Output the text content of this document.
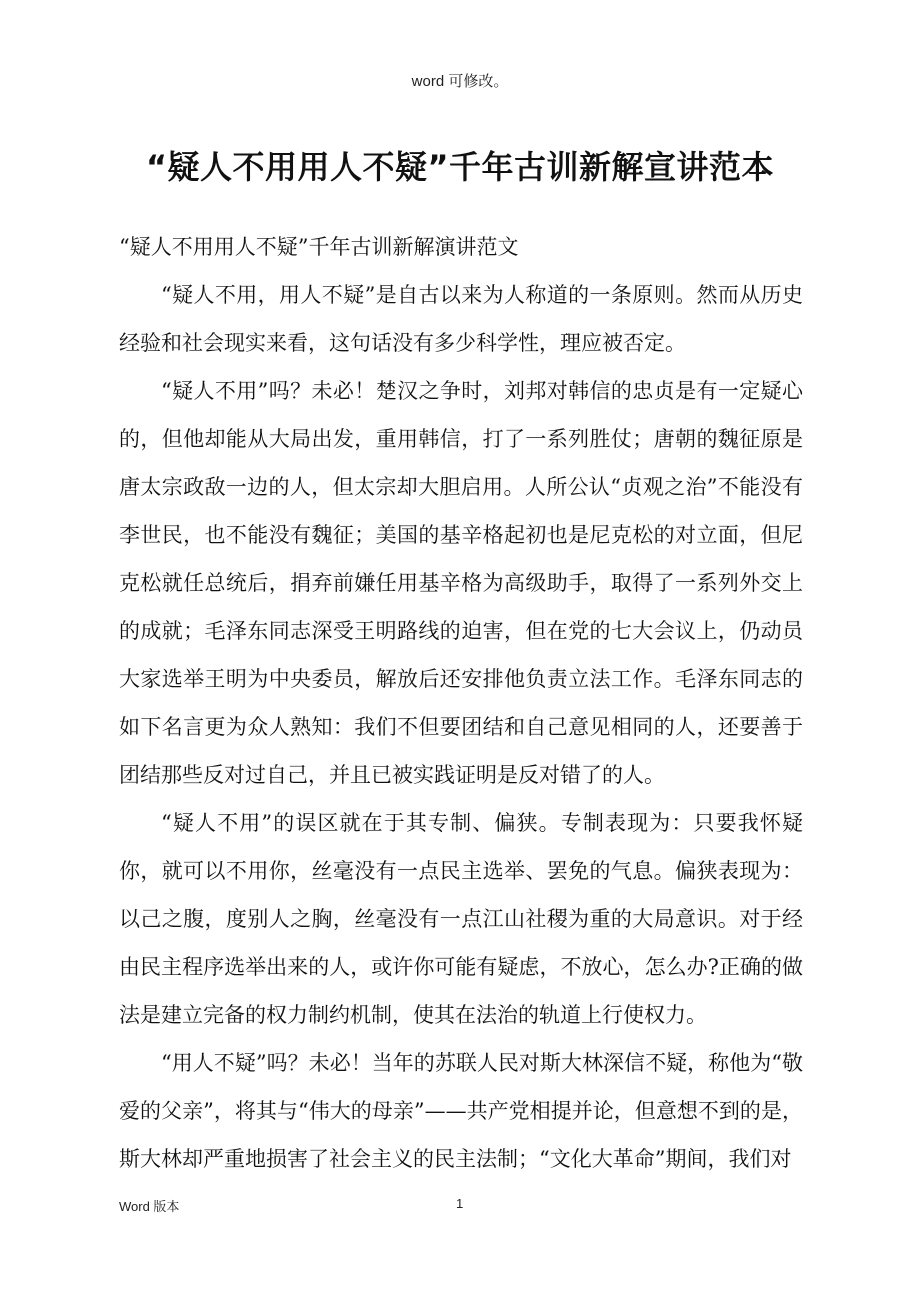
word 可修改。
“疑人不用用人不疑”千年古训新解宣讲范本

“疑人不用用人不疑”千年古训新解演讲范文

“疑人不用，用人不疑”是自古以来为人称道的一条原则。然而从历史经验和社会现实来看，这句话没有多少科学性，理应被否定。

“疑人不用”吗？未必！楚汉之争时，刘邦对韩信的忠贞是有一定疑心的，但他却能从大局出发，重用韩信，打了一系列胜仗；唐朝的魏征原是唐太宗政敌一边的人，但太宗却大胆启用。人所公认“贞观之治”不能没有李世民，也不能没有魏征；美国的基辛格起初也是尼克松的对立面，但尼克松就任总统后，捐弃前嫌任用基辛格为高级助手，取得了一系列外交上的成就；毛泽东同志深受王明路线的迫害，但在党的七大会议上，仍动员大家选举王明为中央委员，解放后还安排他负责立法工作。毛泽东同志的如下名言更为众人熟知：我们不但要团结和自己意见相同的人，还要善于团结那些反对过自己，并且已被实践证明是反对错了的人。

“疑人不用”的误区就在于其专制、偏狭。专制表现为：只要我怀疑你，就可以不用你，丝毫没有一点民主选举、罢免的气息。偏狭表现为：以己之腹，度别人之胸，丝毫没有一点江山社稷为重的大局意识。对于经由民主程序选举出来的人，或许你可能有疑虑，不放心，怎么办?正确的做法是建立完备的权力制约机制，使其在法治的轨道上行使权力。

“用人不疑”吗？未必！当年的苏联人民对斯大林深信不疑，称他为“敬爱的父亲”，将其与“伟大的母亲”——共产党相提并论，但意想不到的是，斯大林却严重地损害了社会主义的民主法制；“文化大革命”期间，我们对

Word 版本	1
